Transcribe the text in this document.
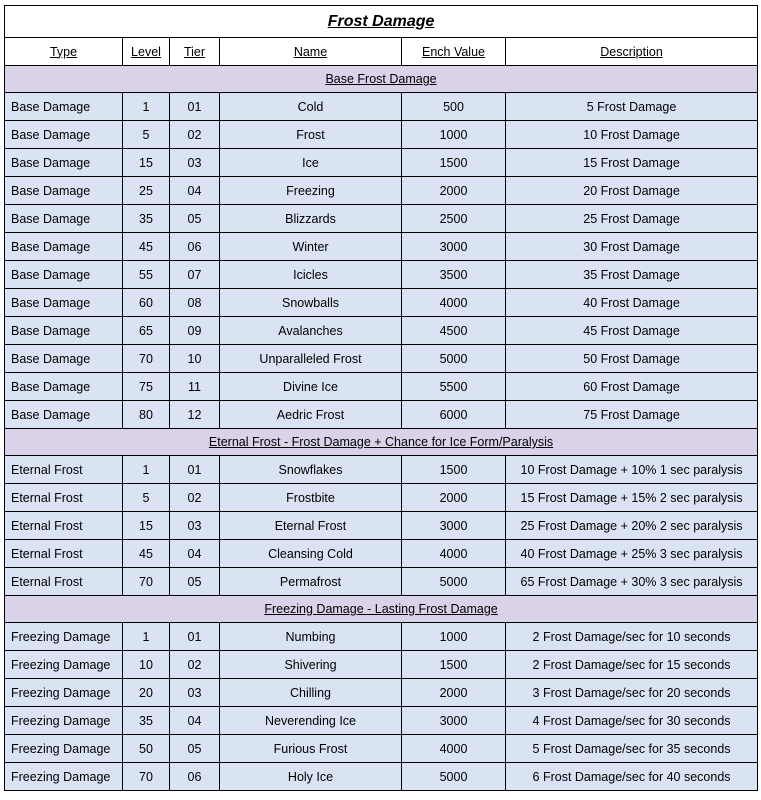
Frost Damage					
Type	Level	Tier	Name	Ench Value	Description
Base Frost Damage					
Base Damage	1	01	Cold	500	5 Frost Damage
Base Damage	5	02	Frost	1000	10 Frost Damage
Base Damage	15	03	Ice	1500	15 Frost Damage
Base Damage	25	04	Freezing	2000	20 Frost Damage
Base Damage	35	05	Blizzards	2500	25 Frost Damage
Base Damage	45	06	Winter	3000	30 Frost Damage
Base Damage	55	07	Icicles	3500	35 Frost Damage
Base Damage	60	08	Snowballs	4000	40 Frost Damage
Base Damage	65	09	Avalanches	4500	45 Frost Damage
Base Damage	70	10	Unparalleled Frost	5000	50 Frost Damage
Base Damage	75	11	Divine Ice	5500	60 Frost Damage
Base Damage	80	12	Aedric Frost	6000	75 Frost Damage
Eternal Frost - Frost Damage + Chance for Ice Form/Paralysis					
Eternal Frost	1	01	Snowflakes	1500	10 Frost Damage + 10% 1 sec paralysis
Eternal Frost	5	02	Frostbite	2000	15 Frost Damage + 15% 2 sec paralysis
Eternal Frost	15	03	Eternal Frost	3000	25 Frost Damage + 20% 2 sec paralysis
Eternal Frost	45	04	Cleansing Cold	4000	40 Frost Damage + 25% 3 sec paralysis
Eternal Frost	70	05	Permafrost	5000	65 Frost Damage + 30% 3 sec paralysis
Freezing Damage - Lasting Frost Damage					
Freezing Damage	1	01	Numbing	1000	2 Frost Damage/sec for 10 seconds
Freezing Damage	10	02	Shivering	1500	2 Frost Damage/sec for 15 seconds
Freezing Damage	20	03	Chilling	2000	3 Frost Damage/sec for 20 seconds
Freezing Damage	35	04	Neverending Ice	3000	4 Frost Damage/sec for 30 seconds
Freezing Damage	50	05	Furious Frost	4000	5 Frost Damage/sec for 35 seconds
Freezing Damage	70	06	Holy Ice	5000	6 Frost Damage/sec for 40 seconds
